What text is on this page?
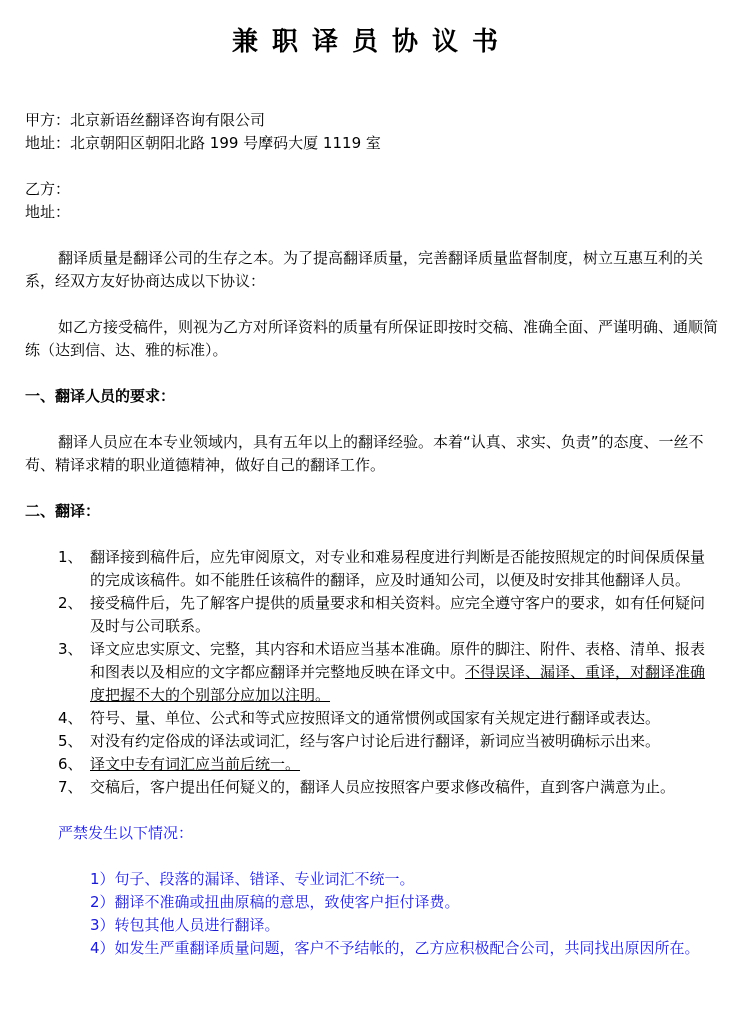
兼职译员协议书
甲方：北京新语丝翻译咨询有限公司
地址：北京朝阳区朝阳北路 199 号摩码大厦 1119 室
乙方：
地址：

翻译质量是翻译公司的生存之本。为了提高翻译质量，完善翻译质量监督制度，树立互惠互利的关系，经双方友好协商达成以下协议：

如乙方接受稿件，则视为乙方对所译资料的质量有所保证即按时交稿、准确全面、严谨明确、通顺简练（达到信、达、雅的标准）。

一、翻译人员的要求：

翻译人员应在本专业领域内，具有五年以上的翻译经验。本着“认真、求实、负责”的态度、一丝不苟、精译求精的职业道德精神，做好自己的翻译工作。

二、翻译：
1、 翻译接到稿件后，应先审阅原文，对专业和难易程度进行判断是否能按照规定的时间保质保量的完成该稿件。如不能胜任该稿件的翻译，应及时通知公司，以便及时安排其他翻译人员。
2、 接受稿件后，先了解客户提供的质量要求和相关资料。应完全遵守客户的要求，如有任何疑问及时与公司联系。
3、 译文应忠实原文、完整，其内容和术语应当基本准确。原件的脚注、附件、表格、清单、报表和图表以及相应的文字都应翻译并完整地反映在译文中。不得误译、漏译、重译，对翻译准确度把握不大的个别部分应加以注明。
4、 符号、量、单位、公式和等式应按照译文的通常惯例或国家有关规定进行翻译或表达。
5、 对没有约定俗成的译法或词汇，经与客户讨论后进行翻译，新词应当被明确标示出来。
6、 译文中专有词汇应当前后统一。
7、 交稿后，客户提出任何疑义的，翻译人员应按照客户要求修改稿件，直到客户满意为止。
严禁发生以下情况：
1）句子、段落的漏译、错译、专业词汇不统一。
2）翻译不准确或扭曲原稿的意思，致使客户拒付译费。
3）转包其他人员进行翻译。
4）如发生严重翻译质量问题，客户不予结帐的，乙方应积极配合公司，共同找出原因所在。
